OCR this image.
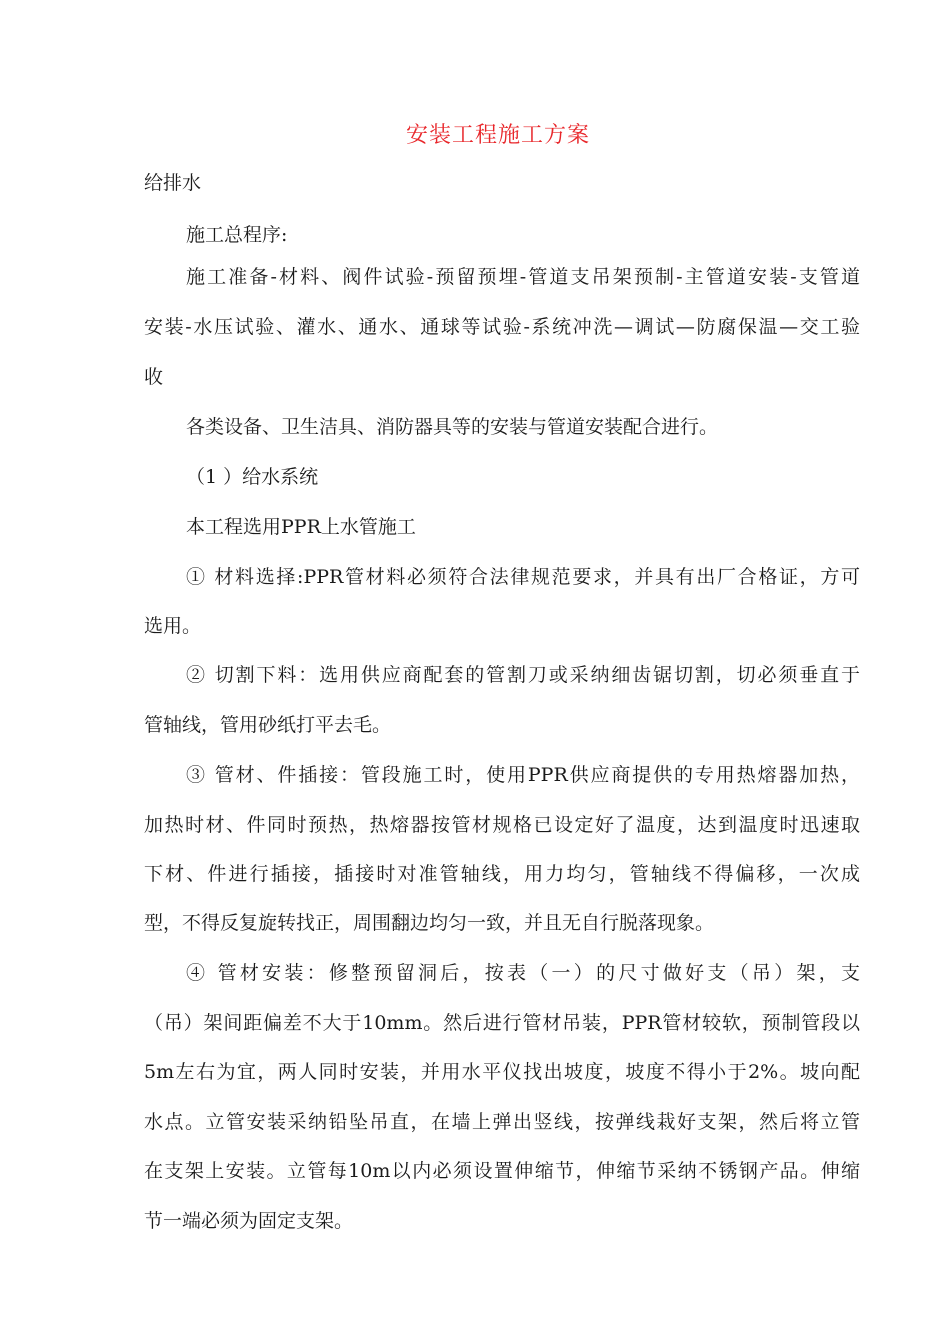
安装工程施工方案
给排水
施工总程序:
施工准备-材料、阀件试验-预留预埋-管道支吊架预制-主管道安装-支管道
安装-水压试验、灌水、通水、通球等试验-系统冲洗—调试—防腐保温—交工验
收
各类设备、卫生洁具、消防器具等的安装与管道安装配合进行。
（1 ）给水系统
本工程选用PPR上水管施工
① 材料选择:PPR管材料必须符合法律规范要求，并具有出厂合格证，方可
选用。
② 切割下料：选用供应商配套的管割刀或采纳细齿锯切割，切必须垂直于
管轴线，管用砂纸打平去毛。
③ 管材、件插接：管段施工时，使用PPR供应商提供的专用热熔器加热，
加热时材、件同时预热，热熔器按管材规格已设定好了温度，达到温度时迅速取
下材、件进行插接，插接时对准管轴线，用力均匀，管轴线不得偏移，一次成
型，不得反复旋转找正，周围翻边均匀一致，并且无自行脱落现象。
④ 管材安装：修整预留洞后，按表（一）的尺寸做好支（吊）架，支
（吊）架间距偏差不大于10mm。然后进行管材吊装，PPR管材较软，预制管段以
5m左右为宜，两人同时安装，并用水平仪找出坡度，坡度不得小于2%。坡向配
水点。立管安装采纳铅坠吊直，在墙上弹出竖线，按弹线栽好支架，然后将立管
在支架上安装。立管每10m以内必须设置伸缩节，伸缩节采纳不锈钢产品。伸缩
节一端必须为固定支架。
